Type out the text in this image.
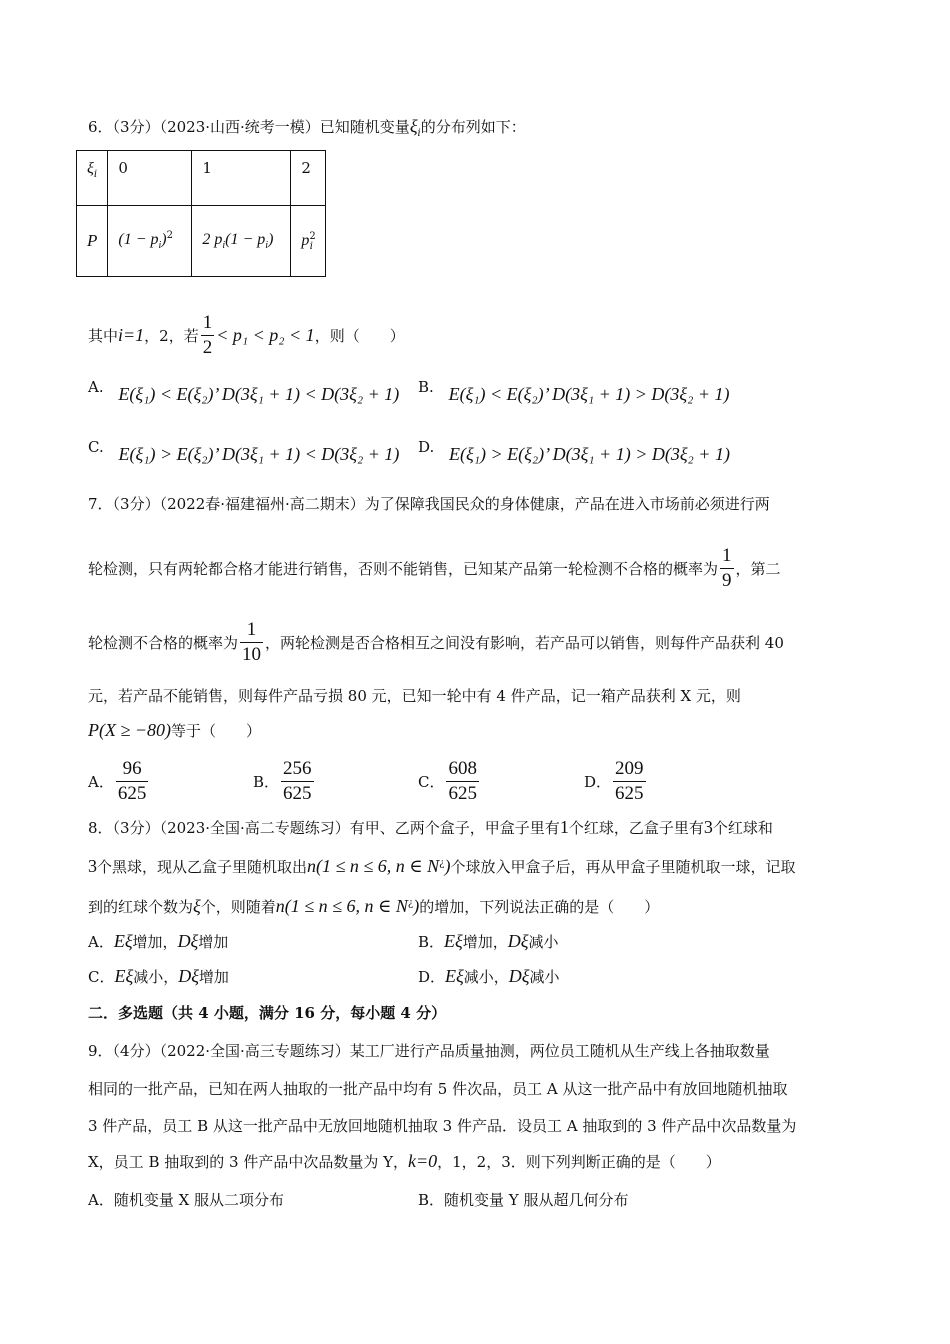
6．（3分）（2023·山西·统考一模）已知随机变量$\xi_i$的分布列如下：
$\xi_i$	0	1	2
P	$(1 - p_i)^2$	2 $p_i(1 - p_i)$	$p^2_i$
其中 i=1 ，2，若 $\frac{1}{2} < p_1 < p_2 < 1$ ，则（　　）
A. E(ξ₁) < E(ξ₂)’ D(3ξ₁ + 1) < D(3ξ₂ + 1) B. E(ξ₁) < E(ξ₂)’ D(3ξ₁ + 1) > D(3ξ₂ + 1)
C. E(ξ₁) > E(ξ₂)’ D(3ξ₁ + 1) < D(3ξ₂ + 1) D. E(ξ₁) > E(ξ₂)’ D(3ξ₁ + 1) > D(3ξ₂ + 1)
7．（3分）（2022春·福建福州·高二期末）为了保障我国民众的身体健康，产品在进入市场前必须进行两
轮检测，只有两轮都合格才能进行销售，否则不能销售，已知某产品第一轮检测不合格的概率为 $\frac{1}{9}$ ，第二
轮检测不合格的概率为 $\frac{1}{10}$ ，两轮检测是否合格相互之间没有影响，若产品可以销售，则每件产品获利 40
元，若产品不能销售，则每件产品亏损 80 元，已知一轮中有 4 件产品，记一箱产品获利 X 元，则
P(X ≥ −80)等于（　　）
A． $\frac{96}{625}$	B． $\frac{256}{625}$	C． $\frac{608}{625}$	D． $\frac{209}{625}$
8．（3分）（2023·全国·高二专题练习）有甲、乙两个盒子，甲盒子里有1个红球，乙盒子里有3个红球和
3个黑球，现从乙盒子里随机取出n(1 ≤ n ≤ 6, n ∈ N¿)个球放入甲盒子后，再从甲盒子里随机取一球，记取
到的红球个数为ξ个，则随着n(1 ≤ n ≤ 6, n ∈ N¿)的增加，下列说法正确的是（　　）
A．Eξ增加，Dξ增加	B．Eξ增加，Dξ减小
C．Eξ减小，Dξ增加	D．Eξ减小，Dξ减小
二．多选题（共 4 小题，满分 16 分，每小题 4 分）
9．（4分）（2022·全国·高三专题练习）某工厂进行产品质量抽测，两位员工随机从生产线上各抽取数量
相同的一批产品，已知在两人抽取的一批产品中均有 5 件次品，员工 A 从这一批产品中有放回地随机抽取
3 件产品，员工 B 从这一批产品中无放回地随机抽取 3 件产品．设员工 A 抽取到的 3 件产品中次品数量为
X，员工 B 抽取到的 3 件产品中次品数量为 Y，k=0，1，2，3．则下列判断正确的是（　　）
A．随机变量 X 服从二项分布	B．随机变量 Y 服从超几何分布
